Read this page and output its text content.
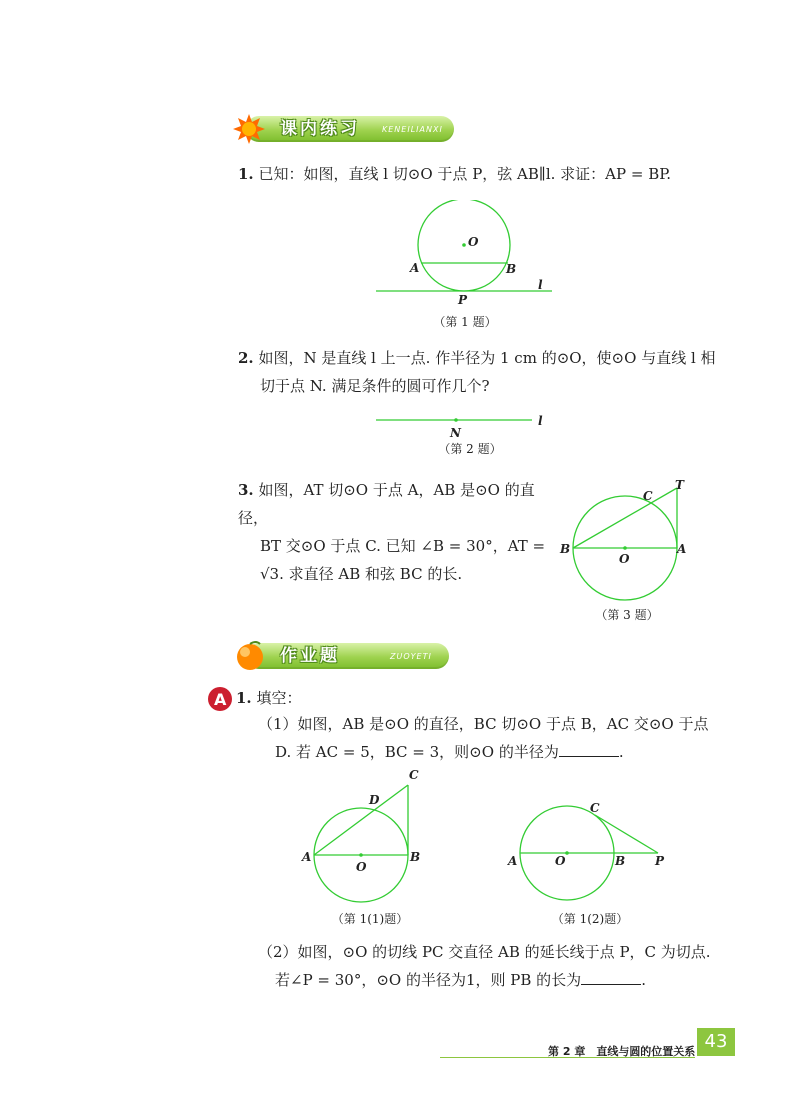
课内练习	KENEILIANXI
1. 已知：如图，直线 l 切⊙O 于点 P，弦 AB∥l. 求证：AP = BP.
O
A	B
P
l
（第 1 题）
2. 如图，N 是直线 l 上一点. 作半径为 1 cm 的⊙O，使⊙O 与直线 l 相
切于点 N. 满足条件的圆可作几个?
N
l
（第 2 题）
3. 如图，AT 切⊙O 于点 A，AB 是⊙O 的直径，
BT 交⊙O 于点 C. 已知 ∠B = 30°，AT =
√3. 求直径 AB 和弦 BC 的长.
T
C
B
O
A
（第 3 题）
作业题	ZUOYETI
A 1. 填空：
（1）如图，AB 是⊙O 的直径，BC 切⊙O 于点 B，AC 交⊙O 于点
D. 若 AC = 5，BC = 3，则⊙O 的半径为	.
C
D
A
O
B
（第 1(1)题）
C
A	O	B P
（第 1(2)题）
（2）如图，⊙O 的切线 PC 交直径 AB 的延长线于点 P，C 为切点.
若∠P = 30°，⊙O 的半径为1，则 PB 的长为	.
第 2 章　直线与圆的位置关系 43
